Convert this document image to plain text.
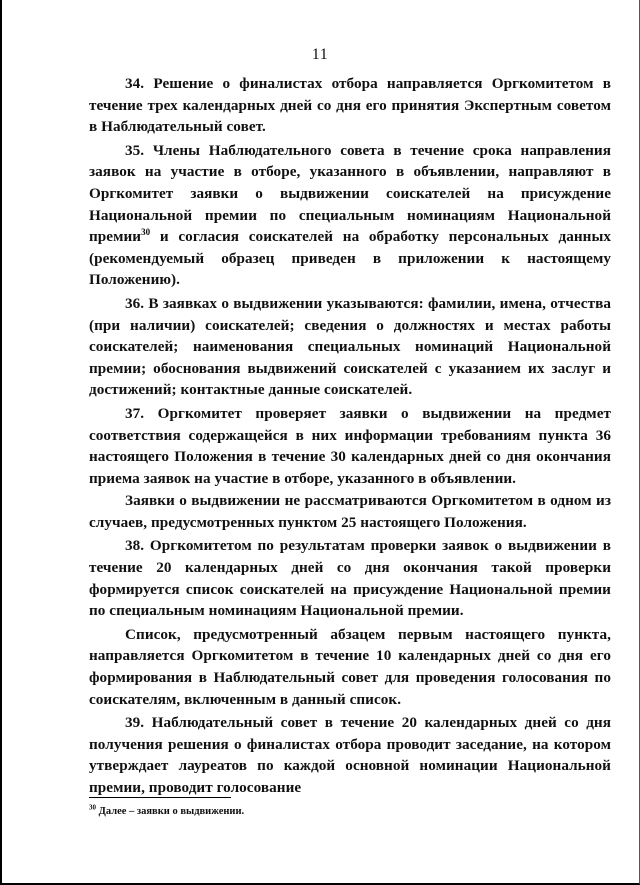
11

34. Решение о финалистах отбора направляется Оргкомитетом в течение трех календарных дней со дня его принятия Экспертным советом в Наблюдательный совет.

35. Члены Наблюдательного совета в течение срока направления заявок на участие в отборе, указанного в объявлении, направляют в Оргкомитет заявки о выдвижении соискателей на присуждение Национальной премии по специальным номинациям Национальной премии$^{30}$ и согласия соискателей на обработку персональных данных (рекомендуемый образец приведен в приложении к настоящему Положению).

36. В заявках о выдвижении указываются: фамилии, имена, отчества (при наличии) соискателей; сведения о должностях и местах работы соискателей; наименования специальных номинаций Национальной премии; обоснования выдвижений соискателей с указанием их заслуг и достижений; контактные данные соискателей.

37. Оргкомитет проверяет заявки о выдвижении на предмет соответствия содержащейся в них информации требованиям пункта 36 настоящего Положения в течение 30 календарных дней со дня окончания приема заявок на участие в отборе, указанного в объявлении.

Заявки о выдвижении не рассматриваются Оргкомитетом в одном из случаев, предусмотренных пунктом 25 настоящего Положения.

38. Оргкомитетом по результатам проверки заявок о выдвижении в течение 20 календарных дней со дня окончания такой проверки формируется список соискателей на присуждение Национальной премии по специальным номинациям Национальной премии.

Список, предусмотренный абзацем первым настоящего пункта, направляется Оргкомитетом в течение 10 календарных дней со дня его формирования в Наблюдательный совет для проведения голосования по соискателям, включенным в данный список.

39. Наблюдательный совет в течение 20 календарных дней со дня получения решения о финалистах отбора проводит заседание, на котором утверждает лауреатов по каждой основной номинации Национальной премии, проводит голосование

$^{30}$ Далее – заявки о выдвижении.
